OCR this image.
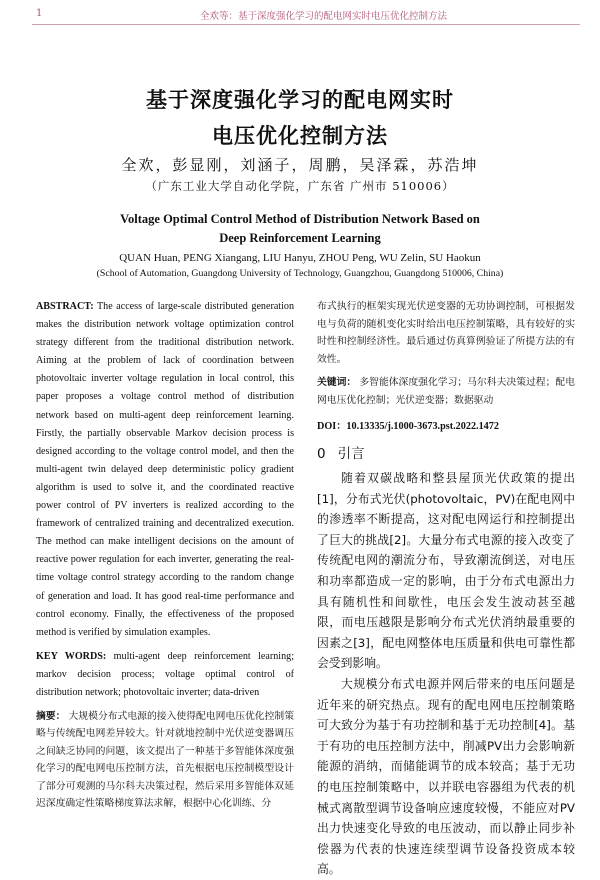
1	全欢等：基于深度强化学习的配电网实时电压优化控制方法
基于深度强化学习的配电网实时
电压优化控制方法
全欢，彭显刚，刘涵子，周鹏，吴泽霖，苏浩坤
（广东工业大学自动化学院，广东省 广州市 510006）
Voltage Optimal Control Method of Distribution Network Based on
Deep Reinforcement Learning
QUAN Huan, PENG Xiangang, LIU Hanyu, ZHOU Peng, WU Zelin, SU Haokun
(School of Automation, Guangdong University of Technology, Guangzhou, Guangdong 510006, China)

ABSTRACT: The access of large-scale distributed generation makes the distribution network voltage optimization control strategy different from the traditional distribution network. Aiming at the problem of lack of coordination between photovoltaic inverter voltage regulation in local control, this paper proposes a voltage control method of distribution network based on multi-agent deep reinforcement learning. Firstly, the partially observable Markov decision process is designed according to the voltage control model, and then the multi-agent twin delayed deep deterministic policy gradient algorithm is used to solve it, and the coordinated reactive power control of PV inverters is realized according to the framework of centralized training and decentralized execution. The method can make intelligent decisions on the amount of reactive power regulation for each inverter, generating the real-time voltage control strategy according to the random change of generation and load. It has good real-time performance and control economy. Finally, the effectiveness of the proposed method is verified by simulation examples.

KEY WORDS: multi-agent deep reinforcement learning; markov decision process; voltage optimal control of distribution network; photovoltaic inverter; data-driven

摘要： 大规模分布式电源的接入使得配电网电压优化控制策略与传统配电网差异较大。针对就地控制中光伏逆变器调压之间缺乏协同的问题，该文提出了一种基于多智能体深度强化学习的配电网电压控制方法，首先根据电压控制模型设计了部分可观测的马尔科夫决策过程，然后采用多智能体双延迟深度确定性策略梯度算法求解，根据中心化训练、分

布式执行的框架实现光伏逆变器的无功协调控制，可根据发电与负荷的随机变化实时给出电压控制策略，具有较好的实时性和控制经济性。最后通过仿真算例验证了所提方法的有效性。

关键词： 多智能体深度强化学习；马尔科夫决策过程；配电网电压优化控制；光伏逆变器；数据驱动

DOI：10.13335/j.1000-3673.pst.2022.1472

0 引言

随着双碳战略和整县屋顶光伏政策的提出[1]，分布式光伏(photovoltaic，PV)在配电网中的渗透率不断提高，这对配电网运行和控制提出了巨大的挑战[2]。大量分布式电源的接入改变了传统配电网的潮流分布，导致潮流倒送，对电压和功率都造成一定的影响，由于分布式电源出力具有随机性和间歇性，电压会发生波动甚至越限，而电压越限是影响分布式光伏消纳最重要的因素之[3]，配电网整体电压质量和供电可靠性都会受到影响。

大规模分布式电源并网后带来的电压问题是近年来的研究热点。现有的配电网电压控制策略可大致分为基于有功控制和基于无功控制[4]。基于有功的电压控制方法中，削减PV出力会影响新能源的消纳，而储能调节的成本较高；基于无功的电压控制策略中，以并联电容器组为代表的机械式离散型调节设备响应速度较慢，不能应对PV出力快速变化导致的电压波动，而以静止同步补偿器为代表的快速连续型调节设备投资成本较高。
